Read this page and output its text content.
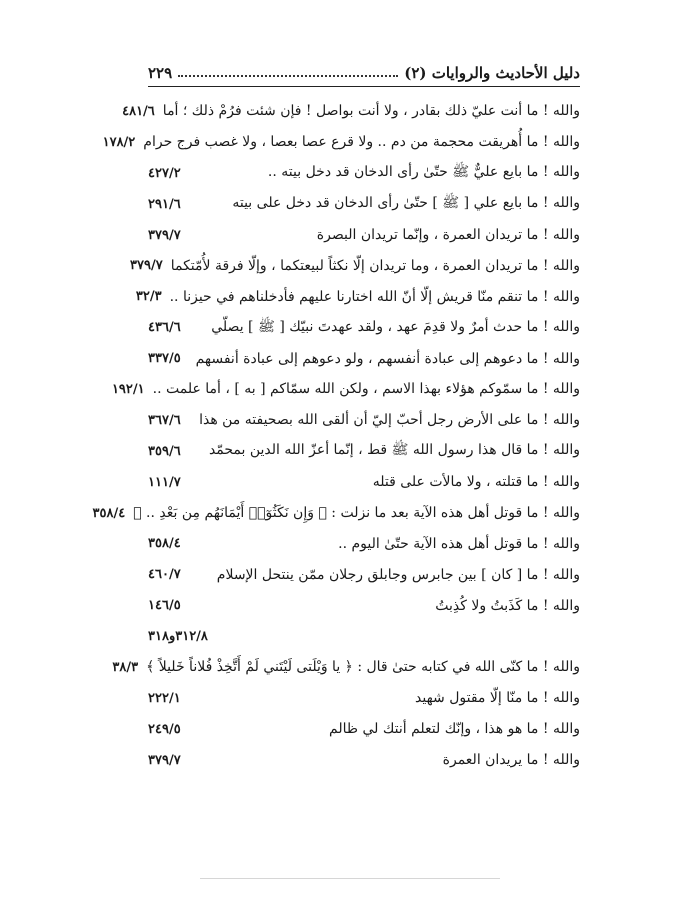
دليل الأحاديث والروايات (٢)
٢٢٩
والله ! ما أنت عليّ ذلك بقادر ، ولا أنت بواصل ! فإن شئت فرُمْ ذلك ؛ أما
٤٨١/٦
والله ! ما أُهريقت محجمة من دم .. ولا قرع عصا بعصا ، ولا غصب فرج حرام
١٧٨/٢
والله ! ما بايع عليٌّ ﷺ حتّىٰ رأى الدخان قد دخل بيته ..
٤٢٧/٢
والله ! ما بايع علي [ ﷺ ] حتّىٰ رأى الدخان قد دخل على بيته
٢٩١/٦
والله ! ما تريدان العمرة ، وإنّما تريدان البصرة
٣٧٩/٧
والله ! ما تريدان العمرة ، وما تريدان إلّا نكثاً لبيعتكما ، وإلّا فرقة لأُمّتكما
٣٧٩/٧
والله ! ما تنقم منّا قريش إلّا أنّ الله اختارنا عليهم فأدخلناهم في حيزنا ..
٣٢/٣
والله ! ما حدث أمرٌ ولا قدِمَ عهد ، ولقد عهدتَ نبيّك [ ﷺ ] يصلّي
٤٣٦/٦
والله ! ما دعوهم إلى عبادة أنفسهم ، ولو دعوهم إلى عبادة أنفسهم
٣٣٧/٥
والله ! ما سمّوكم هؤلاء بهذا الاسم ، ولكن الله سمّاكم [ به ] ، أما علمت ..
١٩٢/١
والله ! ما على الأرض رجل أحبّ إليّ أن ألقى الله بصحيفته من هذا
٣٦٧/٦
والله ! ما قال هذا رسول الله ﷺ قط ، إنّما أعزّ الله الدين بمحمّد
٣٥٩/٦
والله ! ما قتلته ، ولا مالأت على قتله
١١١/٧
والله ! ما قوتل أهل هذه الآية بعد ما نزلت : ﴿ وَإِن نَكَثُوٓا۟ أَيْمَانَهُم مِن بَعْدِ .. ﴾
٣٥٨/٤
والله ! ما قوتل أهل هذه الآية حتّىٰ اليوم ..
٣٥٨/٤
والله ! ما [ كان ] بين جابرس وجابلق رجلان ممّن ينتحل الإسلام
٤٦٠/٧
والله ! ما كَذَبتُ ولا كُذِبتُ
١٤٦/٥
٣١٢/٨و٣١٨
والله ! ما كنّى الله في كتابه حتىٰ قال : ﴿ يا وَيْلَتى لَيْتَني لَمْ أَتَّخِذْ فُلاناً خَليلاً ﴾
٣٨/٣
والله ! ما منّا إلّا مقتول شهيد
٢٢٢/١
والله ! ما هو هذا ، وإنّك لتعلم أنتك لي ظالم
٢٤٩/٥
والله ! ما يريدان العمرة
٣٧٩/٧
